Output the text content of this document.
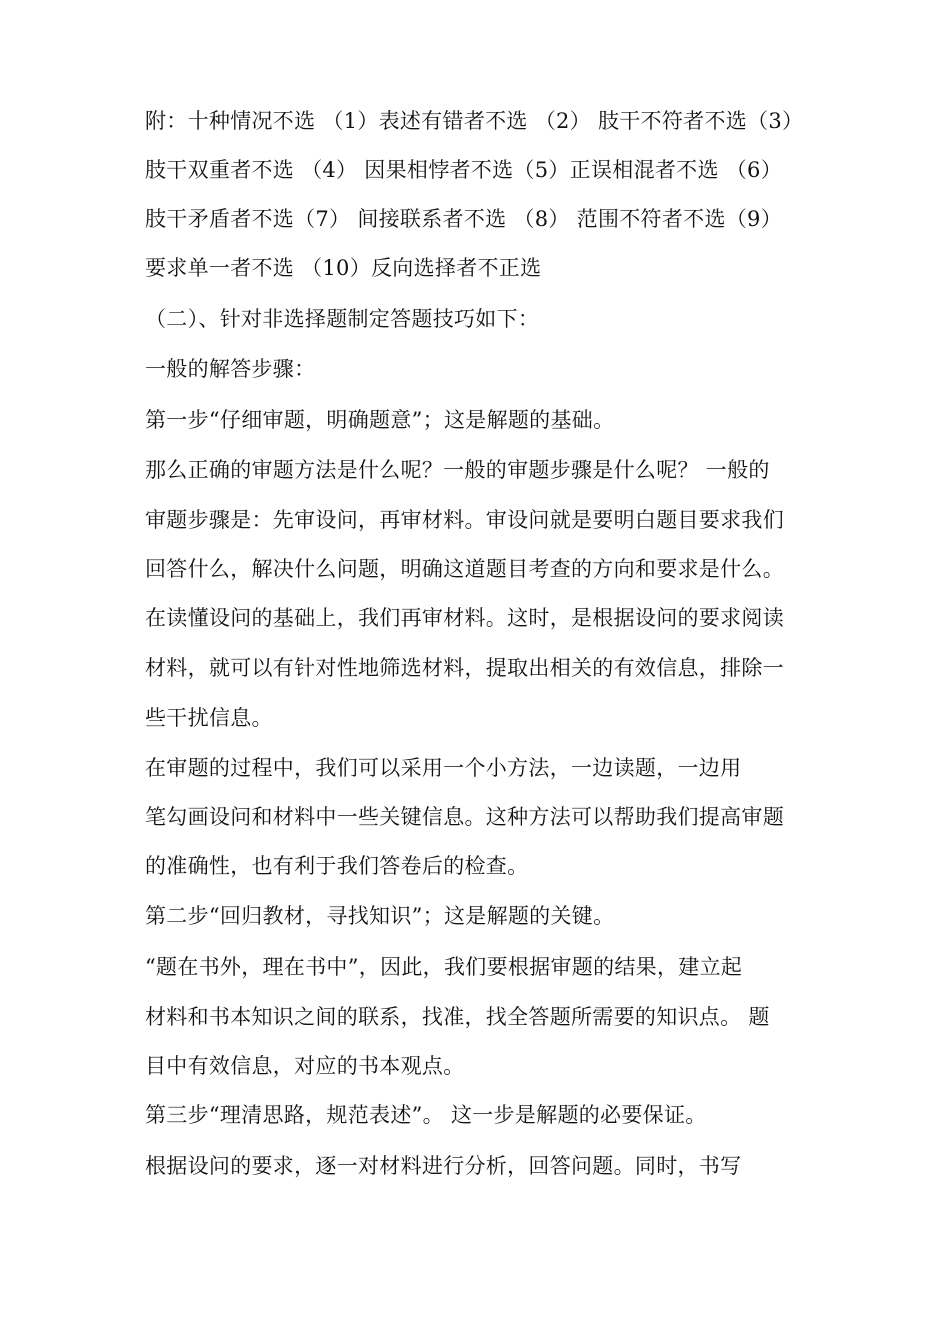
附：十种情况不选 （1）表述有错者不选 （2） 肢干不符者不选（3）
肢干双重者不选 （4） 因果相悖者不选（5）正误相混者不选 （6）
肢干矛盾者不选（7） 间接联系者不选 （8） 范围不符者不选（9）
要求单一者不选 （10）反向选择者不正选
（二）、针对非选择题制定答题技巧如下：
一般的解答步骤：
第一步“仔细审题，明确题意”；这是解题的基础。
那么正确的审题方法是什么呢？一般的审题步骤是什么呢？ 一般的
审题步骤是：先审设问，再审材料。审设问就是要明白题目要求我们
回答什么，解决什么问题，明确这道题目考查的方向和要求是什么。
在读懂设问的基础上，我们再审材料。这时，是根据设问的要求阅读
材料，就可以有针对性地筛选材料，提取出相关的有效信息，排除一
些干扰信息。
在审题的过程中，我们可以采用一个小方法，一边读题，一边用
笔勾画设问和材料中一些关键信息。这种方法可以帮助我们提高审题
的准确性，也有利于我们答卷后的检查。
第二步“回归教材，寻找知识”；这是解题的关键。
“题在书外，理在书中”，因此，我们要根据审题的结果，建立起
材料和书本知识之间的联系，找准，找全答题所需要的知识点。 题
目中有效信息，对应的书本观点。
第三步“理清思路，规范表述”。 这一步是解题的必要保证。
根据设问的要求，逐一对材料进行分析，回答问题。同时，书写
